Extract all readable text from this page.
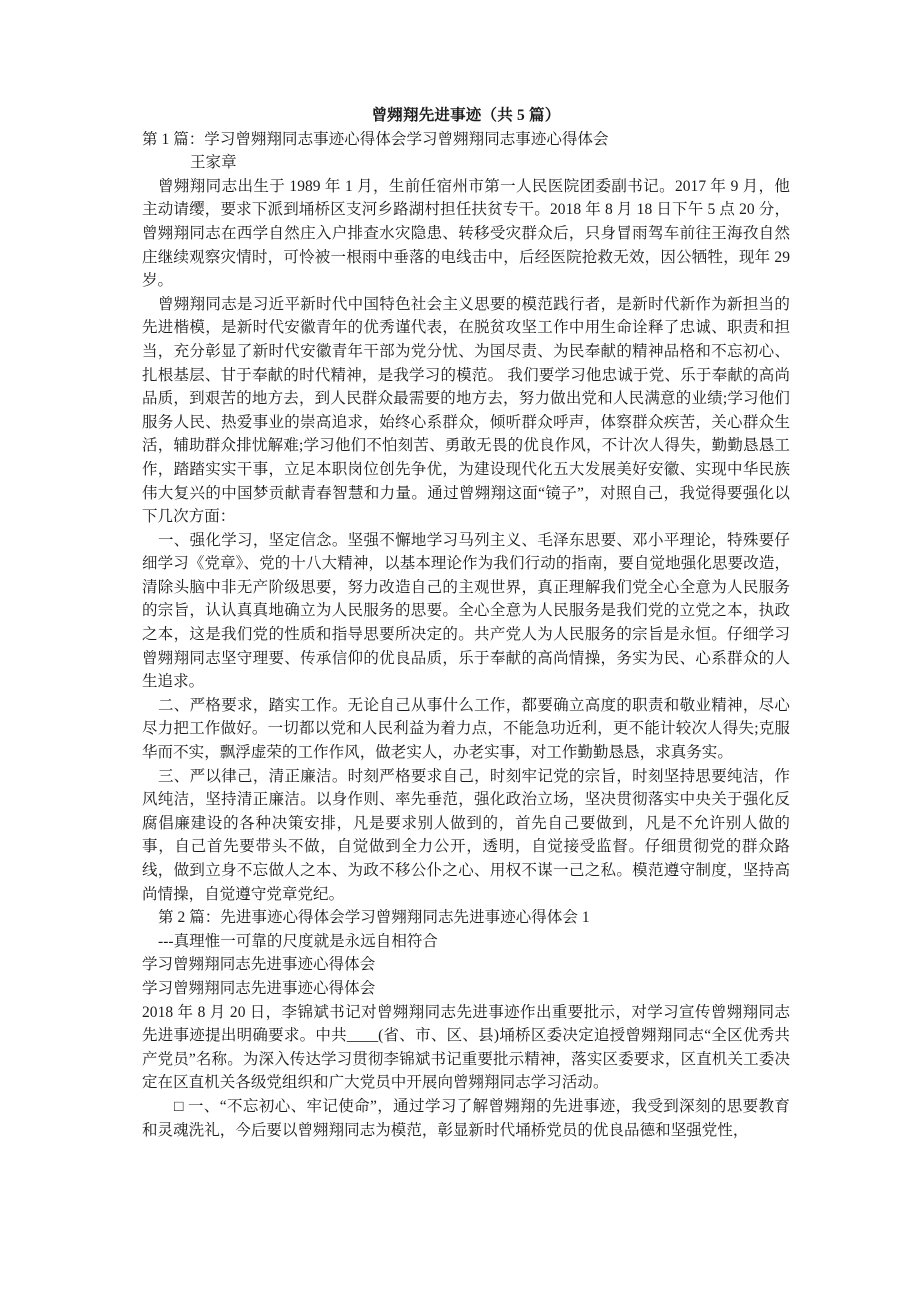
曾翙翔先进事迹（共 5 篇）

第 1 篇：学习曾翙翔同志事迹心得体会学习曾翙翔同志事迹心得体会

王家章

曾翙翔同志出生于 1989 年 1 月，生前任宿州市第一人民医院团委副书记。2017 年 9 月，他主动请缨，要求下派到埇桥区支河乡路湖村担任扶贫专干。2018 年 8 月 18 日下午 5 点 20 分，曾翙翔同志在西学自然庄入户排查水灾隐患、转移受灾群众后，只身冒雨驾车前往王海孜自然庄继续观察灾情时，可怜被一根雨中垂落的电线击中，后经医院抢救无效，因公牺牲，现年 29 岁。

曾翙翔同志是习近平新时代中国特色社会主义思要的模范践行者，是新时代新作为新担当的先进楷模，是新时代安徽青年的优秀谨代表，在脱贫攻坚工作中用生命诠释了忠诚、职责和担当，充分彰显了新时代安徽青年干部为党分忧、为国尽责、为民奉献的精神品格和不忘初心、扎根基层、甘于奉献的时代精神，是我学习的模范。 我们要学习他忠诚于党、乐于奉献的高尚品质，到艰苦的地方去，到人民群众最需要的地方去，努力做出党和人民满意的业绩;学习他们服务人民、热爱事业的崇高追求，始终心系群众，倾听群众呼声，体察群众疾苦，关心群众生活，辅助群众排忧解难;学习他们不怕刻苦、勇敢无畏的优良作风，不计次人得失，勤勤恳恳工作，踏踏实实干事，立足本职岗位创先争优，为建设现代化五大发展美好安徽、实现中华民族伟大复兴的中国梦贡献青春智慧和力量。通过曾翙翔这面“镜子”，对照自己，我觉得要强化以下几次方面：

一、强化学习，坚定信念。坚强不懈地学习马列主义、毛泽东思要、邓小平理论，特殊要仔细学习《党章》、党的十八大精神，以基本理论作为我们行动的指南，要自觉地强化思要改造，清除头脑中非无产阶级思要，努力改造自己的主观世界，真正理解我们党全心全意为人民服务的宗旨，认认真真地确立为人民服务的思要。全心全意为人民服务是我们党的立党之本，执政之本，这是我们党的性质和指导思要所决定的。共产党人为人民服务的宗旨是永恒。仔细学习曾翙翔同志坚守理要、传承信仰的优良品质，乐于奉献的高尚情操，务实为民、心系群众的人生追求。

二、严格要求，踏实工作。无论自己从事什么工作，都要确立高度的职责和敬业精神，尽心尽力把工作做好。一切都以党和人民利益为着力点，不能急功近利，更不能计较次人得失;克服华而不实，飘浮虚荣的工作作风，做老实人，办老实事，对工作勤勤恳恳，求真务实。

三、严以律己，清正廉洁。时刻严格要求自己，时刻牢记党的宗旨，时刻坚持思要纯洁，作风纯洁，坚持清正廉洁。以身作则、率先垂范，强化政治立场，坚决贯彻落实中央关于强化反腐倡廉建设的各种决策安排，凡是要求别人做到的，首先自己要做到，凡是不允许别人做的事，自己首先要带头不做，自觉做到全力公开，透明，自觉接受监督。仔细贯彻党的群众路线，做到立身不忘做人之本、为政不移公仆之心、用权不谋一己之私。模范遵守制度，坚持高尚情操，自觉遵守党章党纪。

第 2 篇：先进事迹心得体会学习曾翙翔同志先进事迹心得体会 1

---真理惟一可靠的尺度就是永远自相符合

学习曾翙翔同志先进事迹心得体会

学习曾翙翔同志先进事迹心得体会

2018 年 8 月 20 日，李锦斌书记对曾翙翔同志先进事迹作出重要批示，对学习宣传曾翙翔同志先进事迹提出明确要求。中共____(省、市、区、县)埇桥区委决定追授曾翙翔同志“全区优秀共产党员”名称。为深入传达学习贯彻李锦斌书记重要批示精神，落实区委要求，区直机关工委决定在区直机关各级党组织和广大党员中开展向曾翙翔同志学习活动。

□ 一、“不忘初心、牢记使命”，通过学习了解曾翙翔的先进事迹，我受到深刻的思要教育和灵魂洗礼，今后要以曾翙翔同志为模范，彰显新时代埇桥党员的优良品德和坚强党性，
